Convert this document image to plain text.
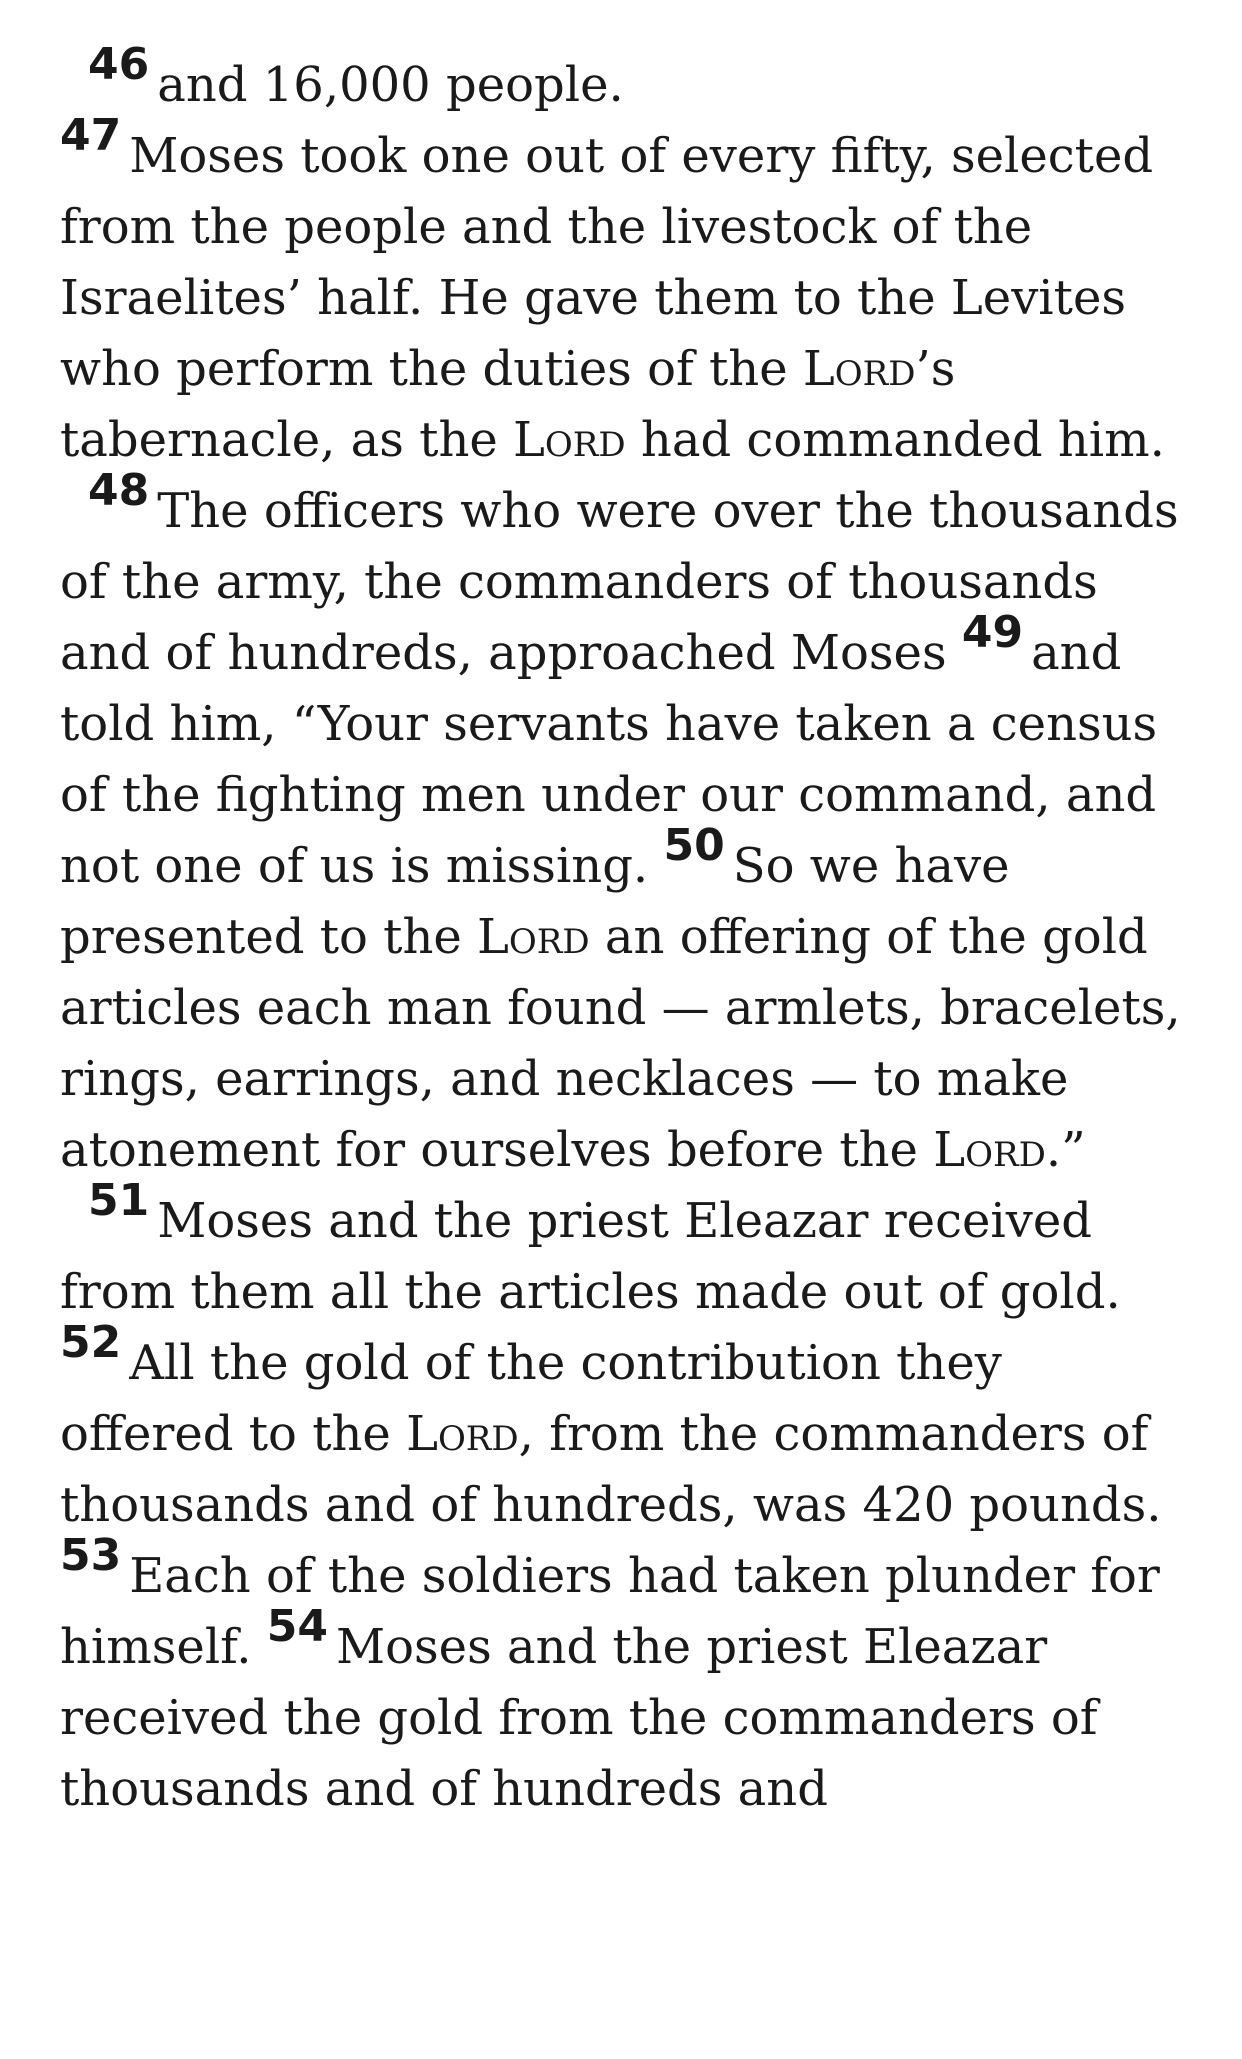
46 and 16,000 people.

47 Moses took one out of every fifty, selected from the people and the livestock of the Israelites’ half. He gave them to the Levites who perform the duties of the Lord’s tabernacle, as the Lord had commanded him.

48 The officers who were over the thousands of the army, the commanders of thousands and of hundreds, approached Moses 49 and told him, “Your servants have taken a census of the fighting men under our command, and not one of us is missing. 50 So we have presented to the Lord an offering of the gold articles each man found — armlets, bracelets, rings, earrings, and necklaces — to make atonement for ourselves before the Lord.”

51 Moses and the priest Eleazar received from them all the articles made out of gold. 52 All the gold of the contribution they offered to the Lord, from the commanders of thousands and of hundreds, was 420 pounds. 53 Each of the soldiers had taken plunder for himself. 54 Moses and the priest Eleazar received the gold from the commanders of thousands and of hundreds and
